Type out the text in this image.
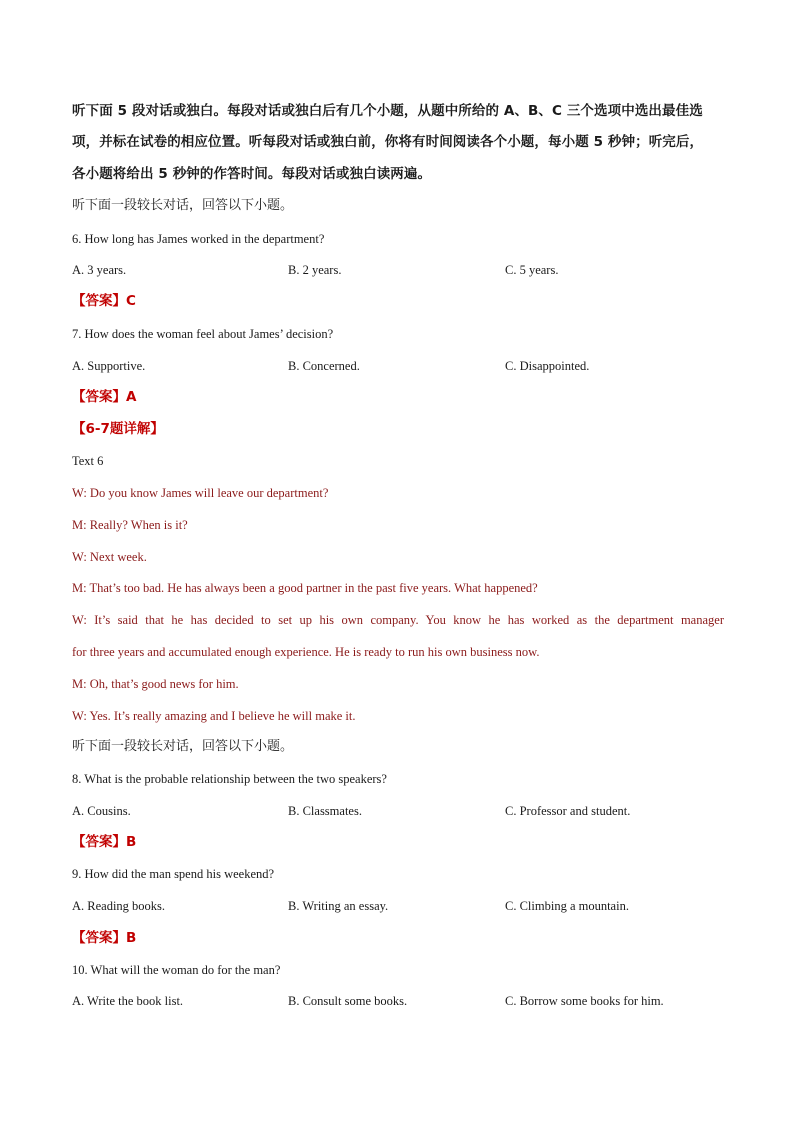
听下面 5 段对话或独白。每段对话或独白后有几个小题，从题中所给的 A、B、C 三个选项中选出最佳选
项，并标在试卷的相应位置。听每段对话或独白前，你将有时间阅读各个小题，每小题 5 秒钟；听完后，
各小题将给出 5 秒钟的作答时间。每段对话或独白读两遍。
听下面一段较长对话，回答以下小题。
6. How long has James worked in the department?
A. 3 years.	B. 2 years.	C. 5 years.
【答案】C
7. How does the woman feel about James’ decision?
A. Supportive.	B. Concerned.	C. Disappointed.
【答案】A
【6-7题详解】
Text 6
W: Do you know James will leave our department?
M: Really? When is it?
W: Next week.
M: That’s too bad. He has always been a good partner in the past five years. What happened?
W: It’s said that he has decided to set up his own company. You know he has worked as the department manager
for three years and accumulated enough experience. He is ready to run his own business now.
M: Oh, that’s good news for him.
W: Yes. It’s really amazing and I believe he will make it.
听下面一段较长对话，回答以下小题。
8. What is the probable relationship between the two speakers?
A. Cousins.	B. Classmates.	C. Professor and student.
【答案】B
9. How did the man spend his weekend?
A. Reading books.	B. Writing an essay.	C. Climbing a mountain.
【答案】B
10. What will the woman do for the man?
A. Write the book list.	B. Consult some books.	C. Borrow some books for him.
